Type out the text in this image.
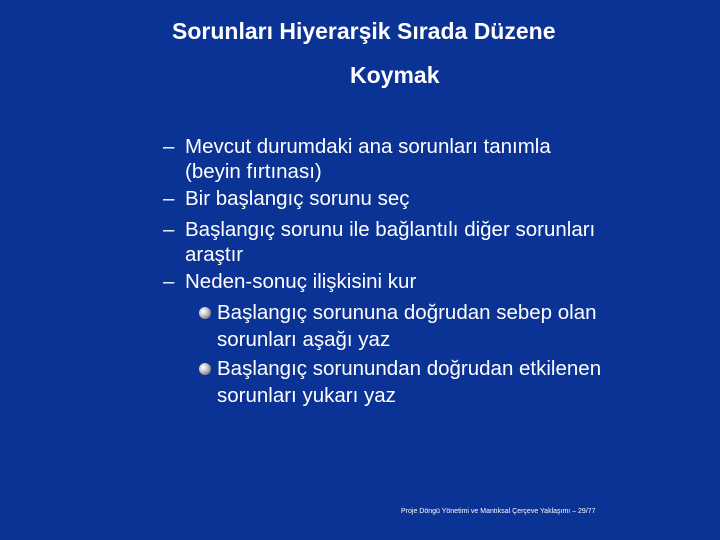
Sorunları Hiyerarşik Sırada Düzene
Koymak
– Mevcut durumdaki ana sorunları tanımla
(beyin fırtınası)
– Bir başlangıç sorunu seç
– Başlangıç sorunu ile bağlantılı diğer sorunları
araştır
– Neden-sonuç ilişkisini kur
Başlangıç sorununa doğrudan sebep olan
sorunları aşağı yaz
Başlangıç sorunundan doğrudan etkilenen
sorunları yukarı yaz
Proje Döngü Yönetimi ve Mantıksal Çerçeve Yaklaşımı – 29/77
